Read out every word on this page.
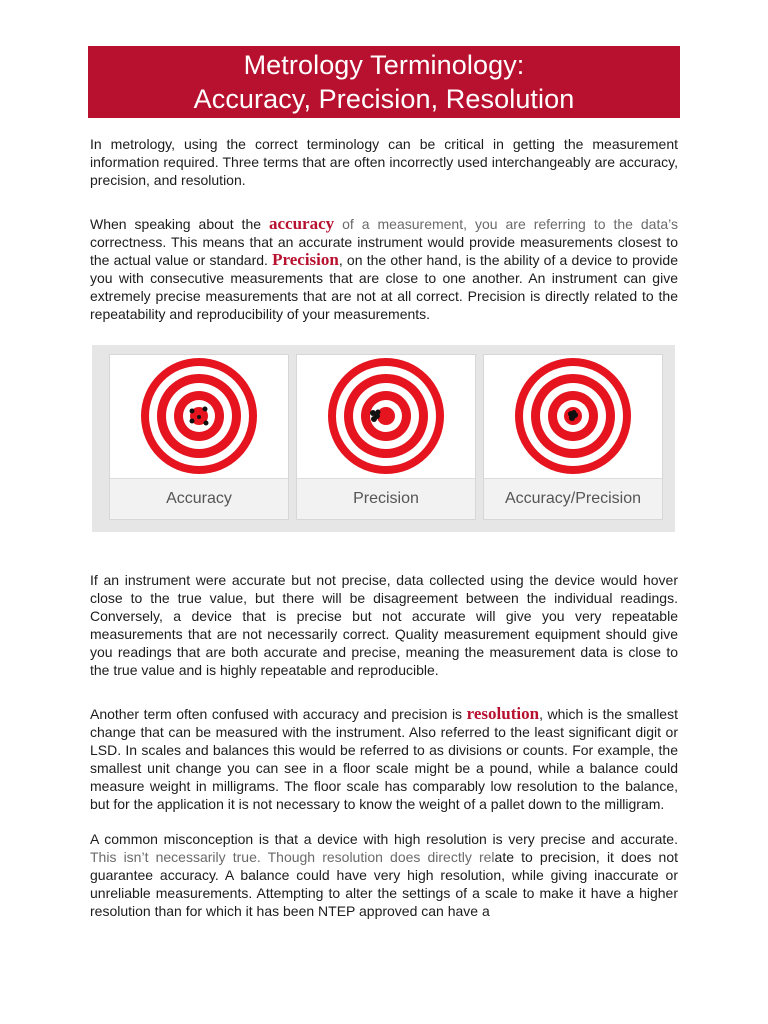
Metrology Terminology:
Accuracy, Precision, Resolution

In metrology, using the correct terminology can be critical in getting the measurement information required. Three terms that are often incorrectly used interchangeably are accuracy, precision, and resolution.

When speaking about the accuracy of a measurement, you are referring to the data’s correctness. This means that an accurate instrument would provide measurements closest to the actual value or standard. Precision, on the other hand, is the ability of a device to provide you with consecutive measurements that are close to one another. An instrument can give extremely precise measurements that are not at all correct. Precision is directly related to the repeatability and reproducibility of your measurements.

Accuracy	Precision	Accuracy/Precision

If an instrument were accurate but not precise, data collected using the device would hover close to the true value, but there will be disagreement between the individual readings. Conversely, a device that is precise but not accurate will give you very repeatable measurements that are not necessarily correct. Quality measurement equipment should give you readings that are both accurate and precise, meaning the measurement data is close to the true value and is highly repeatable and reproducible.

Another term often confused with accuracy and precision is resolution, which is the smallest change that can be measured with the instrument. Also referred to the least significant digit or LSD. In scales and balances this would be referred to as divisions or counts. For example, the smallest unit change you can see in a floor scale might be a pound, while a balance could measure weight in milligrams. The floor scale has comparably low resolution to the balance, but for the application it is not necessary to know the weight of a pallet down to the milligram.

A common misconception is that a device with high resolution is very precise and accurate. This isn’t necessarily true. Though resolution does directly relate to precision, it does not guarantee accuracy. A balance could have very high resolution, while giving inaccurate or unreliable measurements. Attempting to alter the settings of a scale to make it have a higher resolution than for which it has been NTEP approved can have a
